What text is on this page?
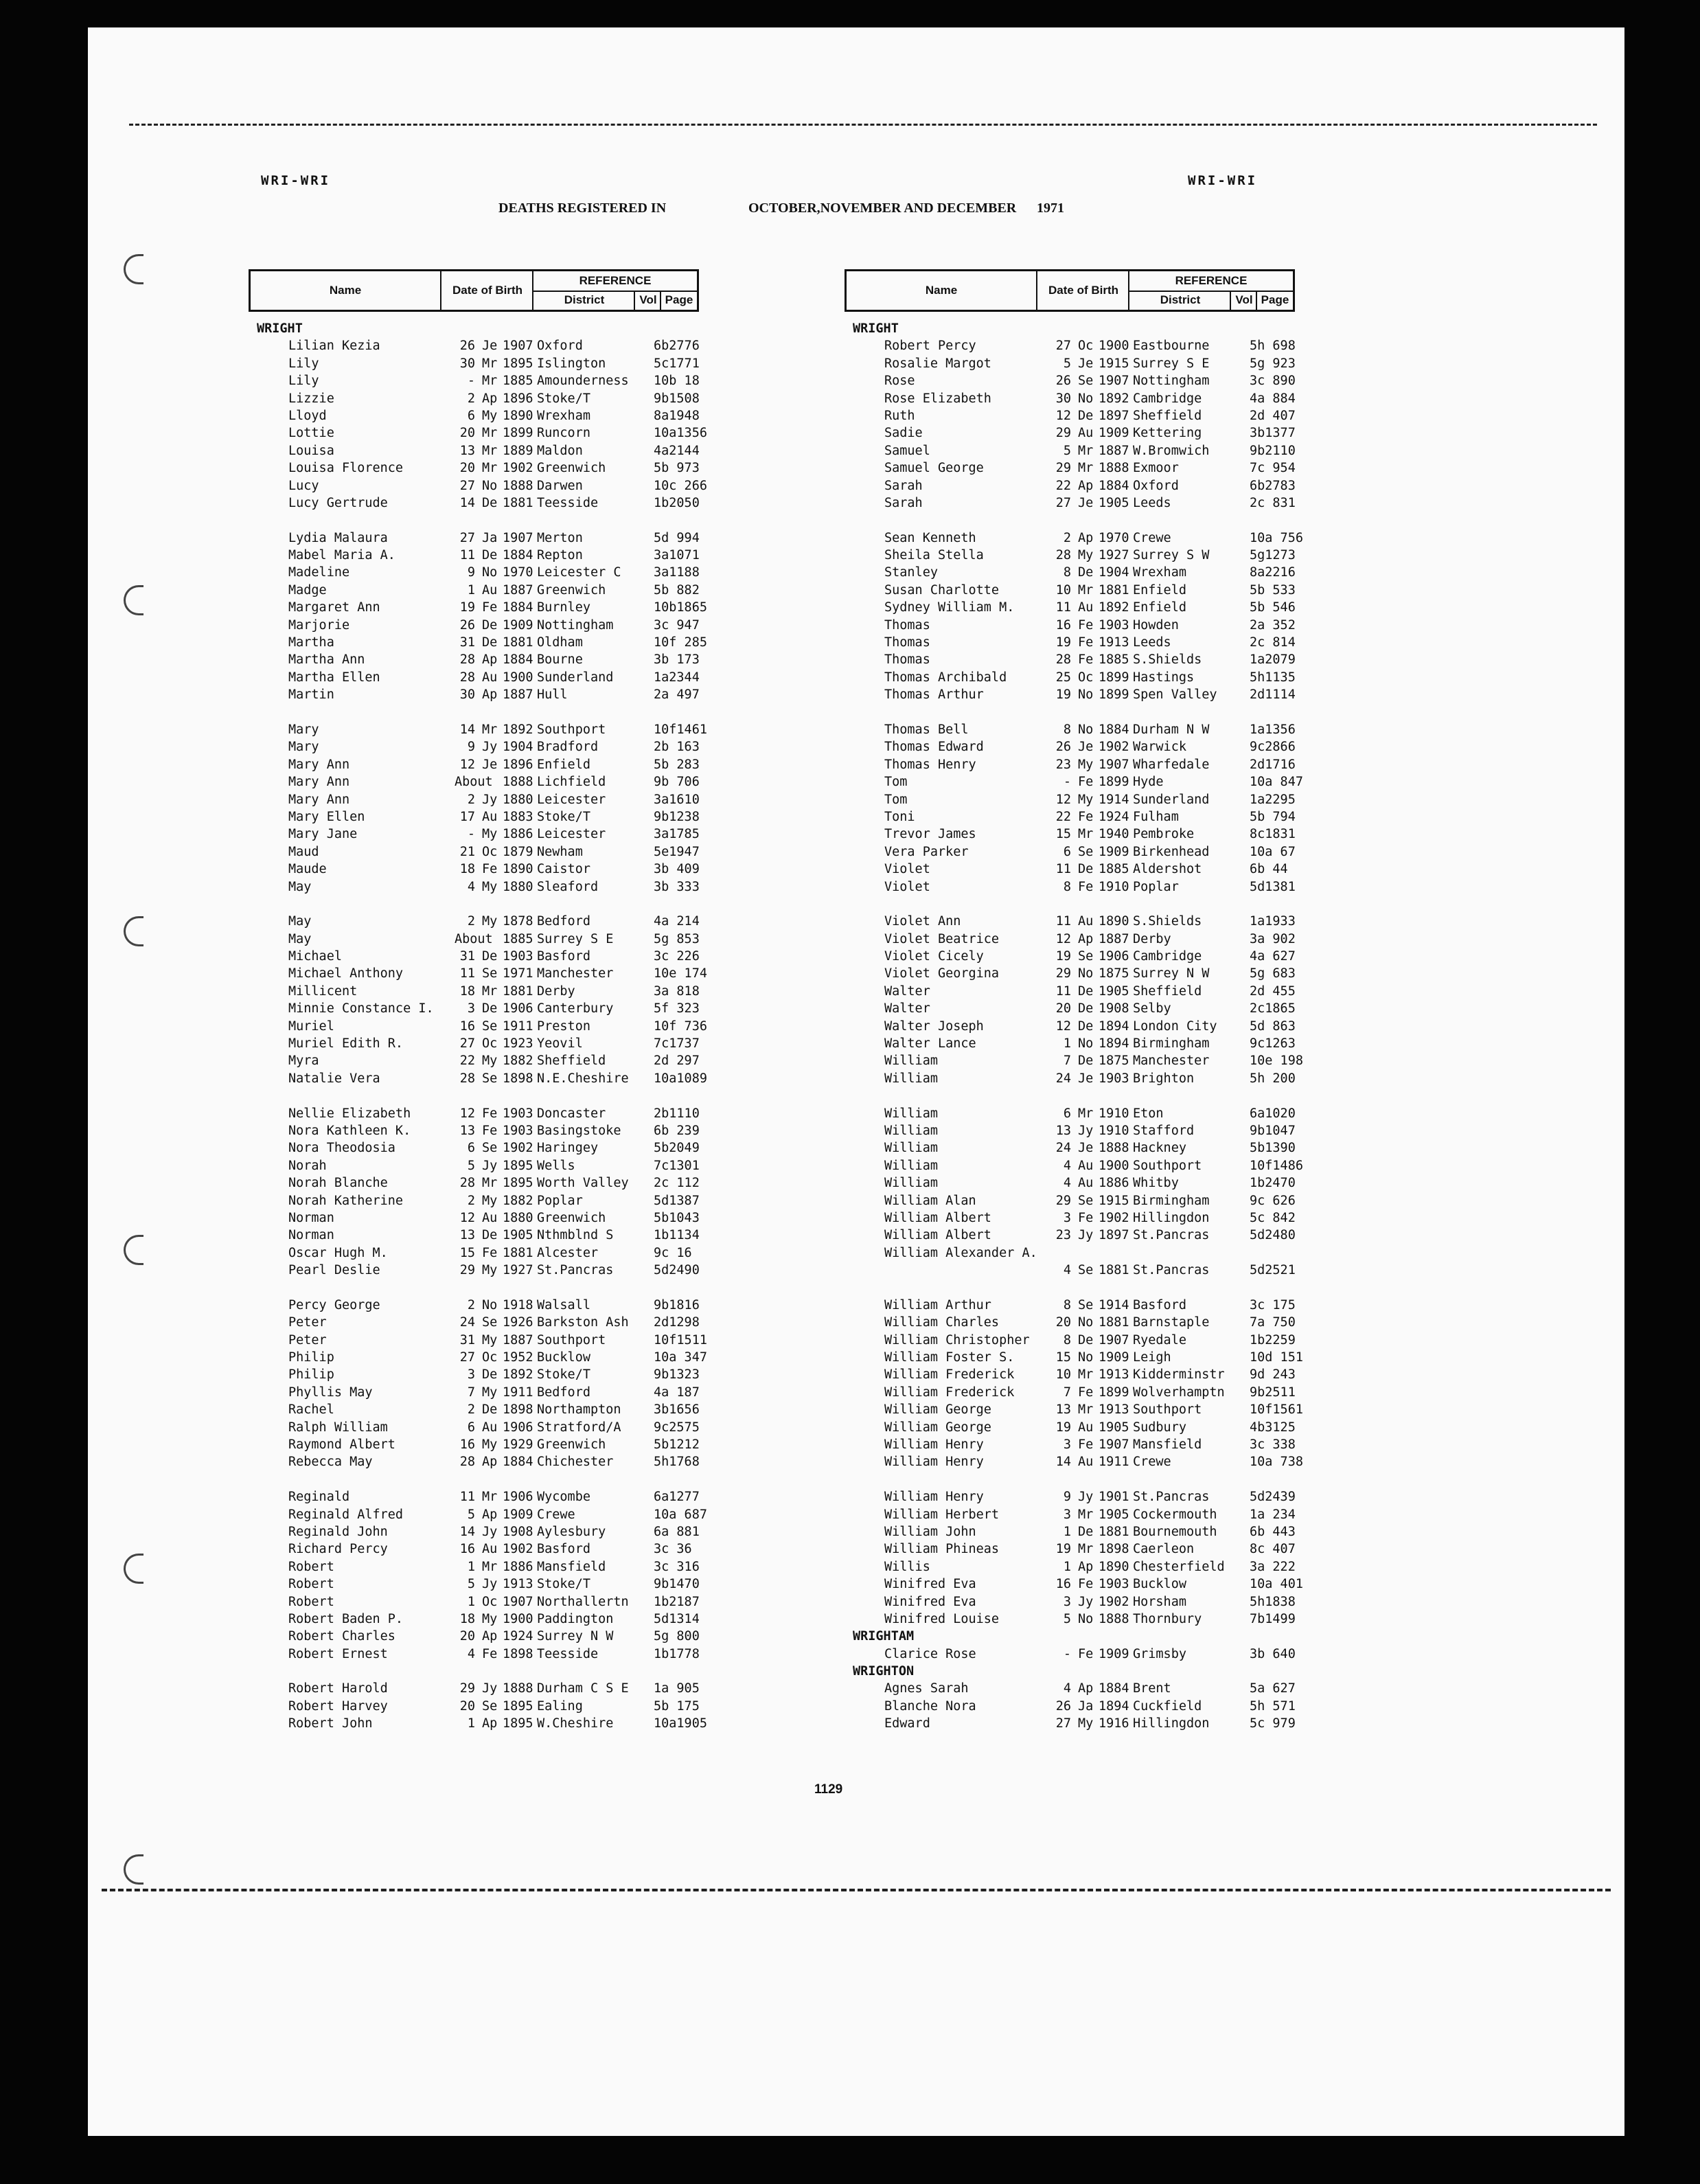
WRI-WRI	WRI-WRI
DEATHS REGISTERED IN	OCTOBER,NOVEMBER AND DECEMBER 1971
Name	Date of Birth
REFERENCE
District	Vol Page
WRIGHT
Lilian Kezia	26 Je 1907 Oxford	6b2776
Lily	30 Mr 1895 Islington	5c1771
Lily	- Mr 1885 Amounderness 10b 18
Lizzie	2 Ap 1896 Stoke/T	9b1508
Lloyd	6 My 1890 Wrexham	8a1948
Lottie	20 Mr 1899 Runcorn	10a1356
Louisa	13 Mr 1889 Maldon	4a2144
Louisa Florence	20 Mr 1902 Greenwich	5b 973
Lucy	27 No 1888 Darwen	10c 266
Lucy Gertrude	14 De 1881 Teesside	1b2050
Lydia Malaura	27 Ja 1907 Merton	5d 994
Mabel Maria A.	11 De 1884 Repton	3a1071
Madeline	9 No 1970 Leicester C	3a1188
Madge	1 Au 1887 Greenwich	5b 882
Margaret Ann	19 Fe 1884 Burnley	10b1865
Marjorie	26 De 1909 Nottingham	3c 947
Martha	31 De 1881 Oldham	10f 285
Martha Ann	28 Ap 1884 Bourne	3b 173
Martha Ellen	28 Au 1900 Sunderland	1a2344
Martin	30 Ap 1887 Hull	2a 497
Mary	14 Mr 1892 Southport	10f1461
Mary	9 Jy 1904 Bradford	2b 163
Mary Ann	12 Je 1896 Enfield	5b 283
Mary Ann	About 1888 Lichfield	9b 706
Mary Ann	2 Jy 1880 Leicester	3a1610
Mary Ellen	17 Au 1883 Stoke/T	9b1238
Mary Jane	- My 1886 Leicester	3a1785
Maud	21 Oc 1879 Newham	5e1947
Maude	18 Fe 1890 Caistor	3b 409
May	4 My 1880 Sleaford	3b 333
May	2 My 1878 Bedford	4a 214
May	About 1885 Surrey S E	5g 853
Michael	31 De 1903 Basford	3c 226
Michael Anthony	11 Se 1971 Manchester	10e 174
Millicent	18 Mr 1881 Derby	3a 818
Minnie Constance I.	3 De 1906 Canterbury	5f 323
Muriel	16 Se 1911 Preston	10f 736
Muriel Edith R.	27 Oc 1923 Yeovil	7c1737
Myra	22 My 1882 Sheffield	2d 297
Natalie Vera	28 Se 1898 N.E.Cheshire 10a1089
Nellie Elizabeth	12 Fe 1903 Doncaster	2b1110
Nora Kathleen K.	13 Fe 1903 Basingstoke	6b 239
Nora Theodosia	6 Se 1902 Haringey	5b2049
Norah	5 Jy 1895 Wells	7c1301
Norah Blanche	28 Mr 1895 Worth Valley 2c 112
Norah Katherine	2 My 1882 Poplar	5d1387
Norman	12 Au 1880 Greenwich	5b1043
Norman	13 De 1905 Nthmblnd S	1b1134
Oscar Hugh M.	15 Fe 1881 Alcester	9c 16
Pearl Deslie	29 My 1927 St.Pancras	5d2490
Percy George	2 No 1918 Walsall	9b1816
Peter	24 Se 1926 Barkston Ash 2d1298
Peter	31 My 1887 Southport	10f1511
Philip	27 Oc 1952 Bucklow	10a 347
Philip	3 De 1892 Stoke/T	9b1323
Phyllis May	7 My 1911 Bedford	4a 187
Rachel	2 De 1898 Northampton	3b1656
Ralph William	6 Au 1906 Stratford/A	9c2575
Raymond Albert	16 My 1929 Greenwich	5b1212
Rebecca May	28 Ap 1884 Chichester	5h1768
Reginald	11 Mr 1906 Wycombe	6a1277
Reginald Alfred	5 Ap 1909 Crewe	10a 687
Reginald John	14 Jy 1908 Aylesbury	6a 881
Richard Percy	16 Au 1902 Basford	3c 36
Robert	1 Mr 1886 Mansfield	3c 316
Robert	5 Jy 1913 Stoke/T	9b1470
Robert	1 Oc 1907 Northallertn 1b2187
Robert Baden P.	18 My 1900 Paddington	5d1314
Robert Charles	20 Ap 1924 Surrey N W	5g 800
Robert Ernest	4 Fe 1898 Teesside	1b1778
Robert Harold	29 Jy 1888 Durham C S E 1a 905
Robert Harvey	20 Se 1895 Ealing	5b 175
Robert John	1 Ap 1895 W.Cheshire	10a1905
Name	Date of Birth
REFERENCE
District	Vol Page
WRIGHT
Robert Percy	27 Oc 1900 Eastbourne	5h 698
Rosalie Margot	5 Je 1915 Surrey S E	5g 923
Rose	26 Se 1907 Nottingham	3c 890
Rose Elizabeth	30 No 1892 Cambridge	4a 884
Ruth	12 De 1897 Sheffield	2d 407
Sadie	29 Au 1909 Kettering	3b1377
Samuel	5 Mr 1887 W.Bromwich	9b2110
Samuel George	29 Mr 1888 Exmoor	7c 954
Sarah	22 Ap 1884 Oxford	6b2783
Sarah	27 Je 1905 Leeds	2c 831
Sean Kenneth	2 Ap 1970 Crewe	10a 756
Sheila Stella	28 My 1927 Surrey S W	5g1273
Stanley	8 De 1904 Wrexham	8a2216
Susan Charlotte	10 Mr 1881 Enfield	5b 533
Sydney William M.	11 Au 1892 Enfield	5b 546
Thomas	16 Fe 1903 Howden	2a 352
Thomas	19 Fe 1913 Leeds	2c 814
Thomas	28 Fe 1885 S.Shields	1a2079
Thomas Archibald	25 Oc 1899 Hastings	5h1135
Thomas Arthur	19 No 1899 Spen Valley	2d1114
Thomas Bell	8 No 1884 Durham N W	1a1356
Thomas Edward	26 Je 1902 Warwick	9c2866
Thomas Henry	23 My 1907 Wharfedale	2d1716
Tom	- Fe 1899 Hyde	10a 847
Tom	12 My 1914 Sunderland	1a2295
Toni	22 Fe 1924 Fulham	5b 794
Trevor James	15 Mr 1940 Pembroke	8c1831
Vera Parker	6 Se 1909 Birkenhead	10a 67
Violet	11 De 1885 Aldershot	6b 44
Violet	8 Fe 1910 Poplar	5d1381
Violet Ann	11 Au 1890 S.Shields	1a1933
Violet Beatrice	12 Ap 1887 Derby	3a 902
Violet Cicely	19 Se 1906 Cambridge	4a 627
Violet Georgina	29 No 1875 Surrey N W	5g 683
Walter	11 De 1905 Sheffield	2d 455
Walter	20 De 1908 Selby	2c1865
Walter Joseph	12 De 1894 London City	5d 863
Walter Lance	1 No 1894 Birmingham	9c1263
William	7 De 1875 Manchester	10e 198
William	24 Je 1903 Brighton	5h 200
William	6 Mr 1910 Eton	6a1020
William	13 Jy 1910 Stafford	9b1047
William	24 Je 1888 Hackney	5b1390
William	4 Au 1900 Southport	10f1486
William	4 Au 1886 Whitby	1b2470
William Alan	29 Se 1915 Birmingham	9c 626
William Albert	3 Fe 1902 Hillingdon	5c 842
William Albert	23 Jy 1897 St.Pancras	5d2480
William Alexander A.
4 Se 1881 St.Pancras	5d2521
William Arthur	8 Se 1914 Basford	3c 175
William Charles	20 No 1881 Barnstaple	7a 750
William Christopher	8 De 1907 Ryedale	1b2259
William Foster S.	15 No 1909 Leigh	10d 151
William Frederick	10 Mr 1913 Kidderminstr 9d 243
William Frederick	7 Fe 1899 Wolverhamptn 9b2511
William George	13 Mr 1913 Southport	10f1561
William George	19 Au 1905 Sudbury	4b3125
William Henry	3 Fe 1907 Mansfield	3c 338
William Henry	14 Au 1911 Crewe	10a 738
William Henry	9 Jy 1901 St.Pancras	5d2439
William Herbert	3 Mr 1905 Cockermouth	1a 234
William John	1 De 1881 Bournemouth	6b 443
William Phineas	19 Mr 1898 Caerleon	8c 407
Willis	1 Ap 1890 Chesterfield 3a 222
Winifred Eva	16 Fe 1903 Bucklow	10a 401
Winifred Eva	3 Jy 1902 Horsham	5h1838
Winifred Louise	5 No 1888 Thornbury	7b1499
WRIGHTAM
Clarice Rose	- Fe 1909 Grimsby	3b 640
WRIGHTON
Agnes Sarah	4 Ap 1884 Brent	5a 627
Blanche Nora	26 Ja 1894 Cuckfield	5h 571
Edward	27 My 1916 Hillingdon	5c 979
1129
